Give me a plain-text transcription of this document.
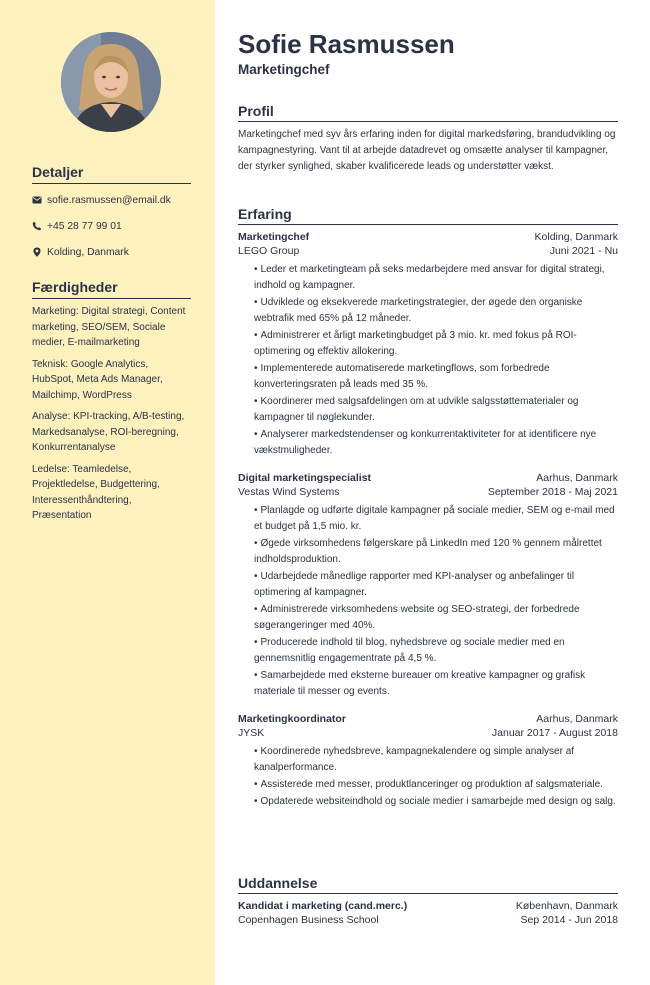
Detaljer
sofie.rasmussen@email.dk
+45 28 77 99 01
Kolding, Danmark
Færdigheder
Marketing: Digital strategi, Content marketing, SEO/SEM, Sociale medier, E-mailmarketing
Teknisk: Google Analytics, HubSpot, Meta Ads Manager, Mailchimp, WordPress
Analyse: KPI-tracking, A/B-testing, Markedsanalyse, ROI-beregning, Konkurrentanalyse
Ledelse: Teamledelse, Projektledelse, Budgettering, Interessenthåndtering, Præsentation
Sofie Rasmussen
Marketingchef
Profil

Marketingchef med syv års erfaring inden for digital markedsføring, brandudvikling og kampagnestyring. Vant til at arbejde datadrevet og omsætte analyser til kampagner, der styrker synlighed, skaber kvalificerede leads og understøtter vækst.

Erfaring
Marketingchef	Kolding, Danmark
LEGO Group	Juni 2021 - Nu
• Leder et marketingteam på seks medarbejdere med ansvar for digital strategi, indhold og kampagner.
• Udviklede og eksekverede marketingstrategier, der øgede den organiske webtrafik med 65% på 12 måneder.
• Administrerer et årligt marketingbudget på 3 mio. kr. med fokus på ROI-optimering og effektiv allokering.
• Implementerede automatiserede marketingflows, som forbedrede konverteringsraten på leads med 35 %.
• Koordinerer med salgsafdelingen om at udvikle salgsstøttematerialer og kampagner til nøglekunder.
• Analyserer markedstendenser og konkurrentaktiviteter for at identificere nye vækstmuligheder.
Digital marketingspecialist	Aarhus, Danmark
Vestas Wind Systems	September 2018 - Maj 2021
• Planlagde og udførte digitale kampagner på sociale medier, SEM og e-mail med et budget på 1,5 mio. kr.
• Øgede virksomhedens følgerskare på LinkedIn med 120 % gennem målrettet indholdsproduktion.
• Udarbejdede månedlige rapporter med KPI-analyser og anbefalinger til optimering af kampagner.
• Administrerede virksomhedens website og SEO-strategi, der forbedrede søgerangeringer med 40%.
• Producerede indhold til blog, nyhedsbreve og sociale medier med en gennemsnitlig engagementrate på 4,5 %.
• Samarbejdede med eksterne bureauer om kreative kampagner og grafisk materiale til messer og events.
Marketingkoordinator	Aarhus, Danmark
JYSK	Januar 2017 - August 2018
• Koordinerede nyhedsbreve, kampagnekalendere og simple analyser af kanalperformance.
• Assisterede med messer, produktlanceringer og produktion af salgsmateriale.
• Opdaterede websiteindhold og sociale medier i samarbejde med design og salg.
Uddannelse
Kandidat i marketing (cand.merc.)	København, Danmark
Copenhagen Business School	Sep 2014 - Jun 2018
